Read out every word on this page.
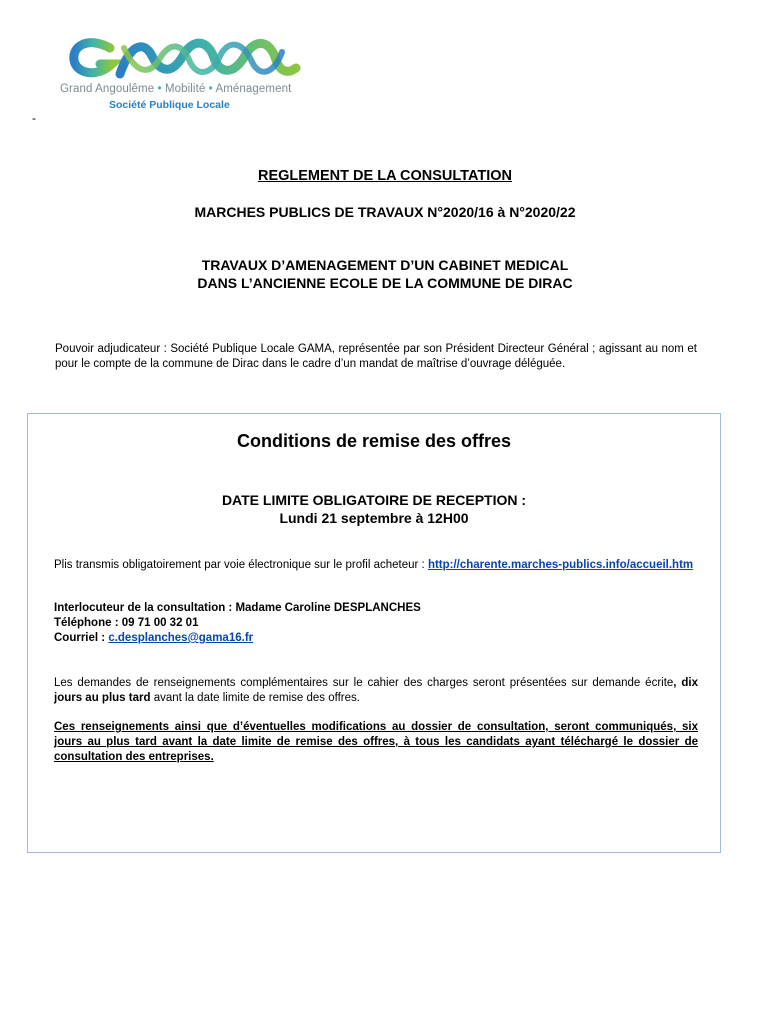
Grand Angoulême • Mobilité • Aménagement
Société Publique Locale
-
REGLEMENT DE LA CONSULTATION
MARCHES PUBLICS DE TRAVAUX N°2020/16 à N°2020/22
TRAVAUX D’AMENAGEMENT D’UN CABINET MEDICAL
DANS L’ANCIENNE ECOLE DE LA COMMUNE DE DIRAC
Pouvoir adjudicateur : Société Publique Locale GAMA, représentée par son Président Directeur Général ; agissant au nom et pour le compte de la commune de Dirac dans le cadre d’un mandat de maîtrise d’ouvrage déléguée.
Conditions de remise des offres
DATE LIMITE OBLIGATOIRE DE RECEPTION :
Lundi 21 septembre à 12H00
Plis transmis obligatoirement par voie électronique sur le profil acheteur : http://charente.marches-publics.info/accueil.htm
Interlocuteur de la consultation : Madame Caroline DESPLANCHES
Téléphone : 09 71 00 32 01
Courriel : c.desplanches@gama16.fr
Les demandes de renseignements complémentaires sur le cahier des charges seront présentées sur demande écrite, dix jours au plus tard avant la date limite de remise des offres.
Ces renseignements ainsi que d’éventuelles modifications au dossier de consultation, seront communiqués, six jours au plus tard avant la date limite de remise des offres, à tous les candidats ayant téléchargé le dossier de consultation des entreprises.
